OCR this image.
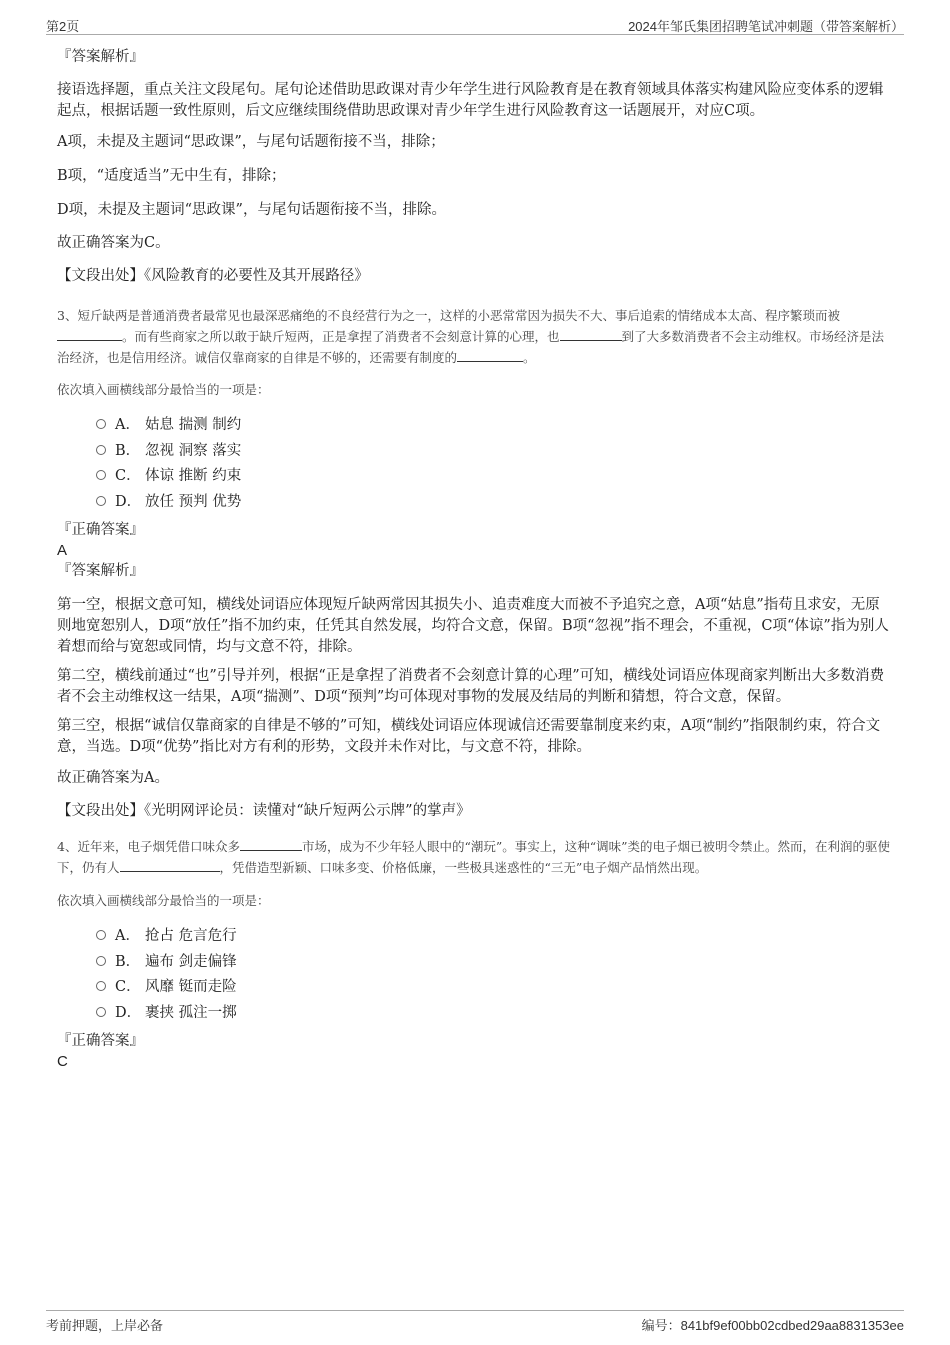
第2页	2024年邹氏集团招聘笔试冲刺题（带答案解析）
『答案解析』
接语选择题，重点关注文段尾句。尾句论述借助思政课对青少年学生进行风险教育是在教育领域具体落实构建风险应变体系的逻辑起点，根据话题一致性原则，后文应继续围绕借助思政课对青少年学生进行风险教育这一话题展开，对应C项。
A项，未提及主题词“思政课”，与尾句话题衔接不当，排除；
B项，“适度适当”无中生有，排除；
D项，未提及主题词“思政课”，与尾句话题衔接不当，排除。
故正确答案为C。
【文段出处】《风险教育的必要性及其开展路径》
3、短斤缺两是普通消费者最常见也最深恶痛绝的不良经营行为之一，这样的小恶常常因为损失不大、事后追索的情绪成本太高、程序繁琐而被。而有些商家之所以敢于缺斤短两，正是拿捏了消费者不会刻意计算的心理，也	到了大多数消费者不会主动维权。市场经济是法治经济，也是信用经济。诚信仅靠商家的自律是不够的，还需要有制度的	。
依次填入画横线部分最恰当的一项是：
A． 姑息 揣测 制约
B． 忽视 洞察 落实
C． 体谅 推断 约束
D． 放任 预判 优势
『正确答案』
A
『答案解析』
第一空，根据文意可知，横线处词语应体现短斤缺两常因其损失小、追责难度大而被不予追究之意，A项“姑息”指苟且求安，无原则地宽恕别人，D项“放任”指不加约束，任凭其自然发展，均符合文意，保留。B项“忽视”指不理会，不重视，C项“体谅”指为别人着想而给与宽恕或同情，均与文意不符，排除。
第二空，横线前通过“也”引导并列，根据“正是拿捏了消费者不会刻意计算的心理”可知，横线处词语应体现商家判断出大多数消费者不会主动维权这一结果，A项“揣测”、D项“预判”均可体现对事物的发展及结局的判断和猜想，符合文意，保留。
第三空，根据“诚信仅靠商家的自律是不够的”可知，横线处词语应体现诚信还需要靠制度来约束，A项“制约”指限制约束，符合文意，当选。D项“优势”指比对方有利的形势，文段并未作对比，与文意不符，排除。
故正确答案为A。
【文段出处】《光明网评论员：读懂对“缺斤短两公示牌”的掌声》
4、近年来，电子烟凭借口味众多	市场，成为不少年轻人眼中的“潮玩”。事实上，这种“调味”类的电子烟已被明令禁止。然而，在利润的驱使下，仍有人	，凭借造型新颖、口味多变、价格低廉，一些极具迷惑性的“三无”电子烟产品悄然出现。
依次填入画横线部分最恰当的一项是：
A． 抢占 危言危行
B． 遍布 剑走偏锋
C． 风靡 铤而走险
D． 裹挟 孤注一掷
『正确答案』
C
考前押题，上岸必备	编号：841bf9ef00bb02cdbed29aa8831353ee
